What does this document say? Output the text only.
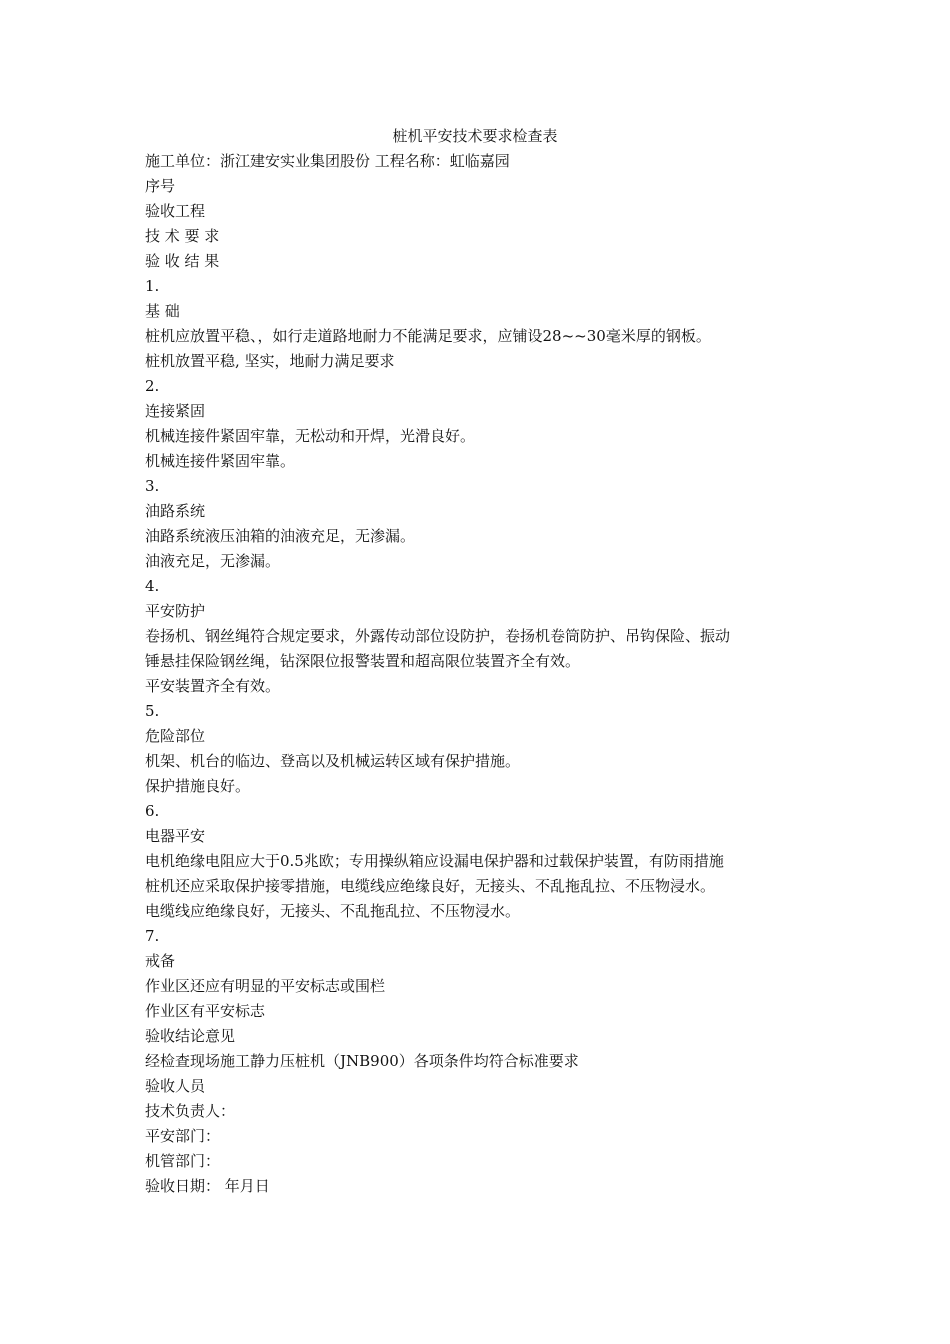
桩机平安技术要求检查表

施工单位：浙江建安实业集团股份 工程名称：虹临嘉园

序号

验收工程

技 术 要 求

验 收 结 果

1.

基 础

桩机应放置平稳、，如行走道路地耐力不能满足要求，应铺设28~~30毫米厚的钢板。

桩机放置平稳, 坚实，地耐力满足要求

2.

连接紧固

机械连接件紧固牢靠，无松动和开焊，光滑良好。

机械连接件紧固牢靠。

3.

油路系统

油路系统液压油箱的油液充足，无渗漏。

油液充足，无渗漏。

4.

平安防护

卷扬机、钢丝绳符合规定要求，外露传动部位设防护，卷扬机卷筒防护、吊钩保险、振动

锤悬挂保险钢丝绳，钻深限位报警装置和超高限位装置齐全有效。

平安装置齐全有效。

5.

危险部位

机架、机台的临边、登高以及机械运转区域有保护措施。

保护措施良好。

6.

电器平安

电机绝缘电阻应大于0.5兆欧；专用操纵箱应设漏电保护器和过载保护装置，有防雨措施

桩机还应采取保护接零措施，电缆线应绝缘良好，无接头、不乱拖乱拉、不压物浸水。

电缆线应绝缘良好，无接头、不乱拖乱拉、不压物浸水。

7.

戒备

作业区还应有明显的平安标志或围栏

作业区有平安标志

验收结论意见

经检查现场施工静力压桩机（JNB900）各项条件均符合标准要求

验收人员

技术负责人：

平安部门：

机管部门：

验收日期： 年月日
